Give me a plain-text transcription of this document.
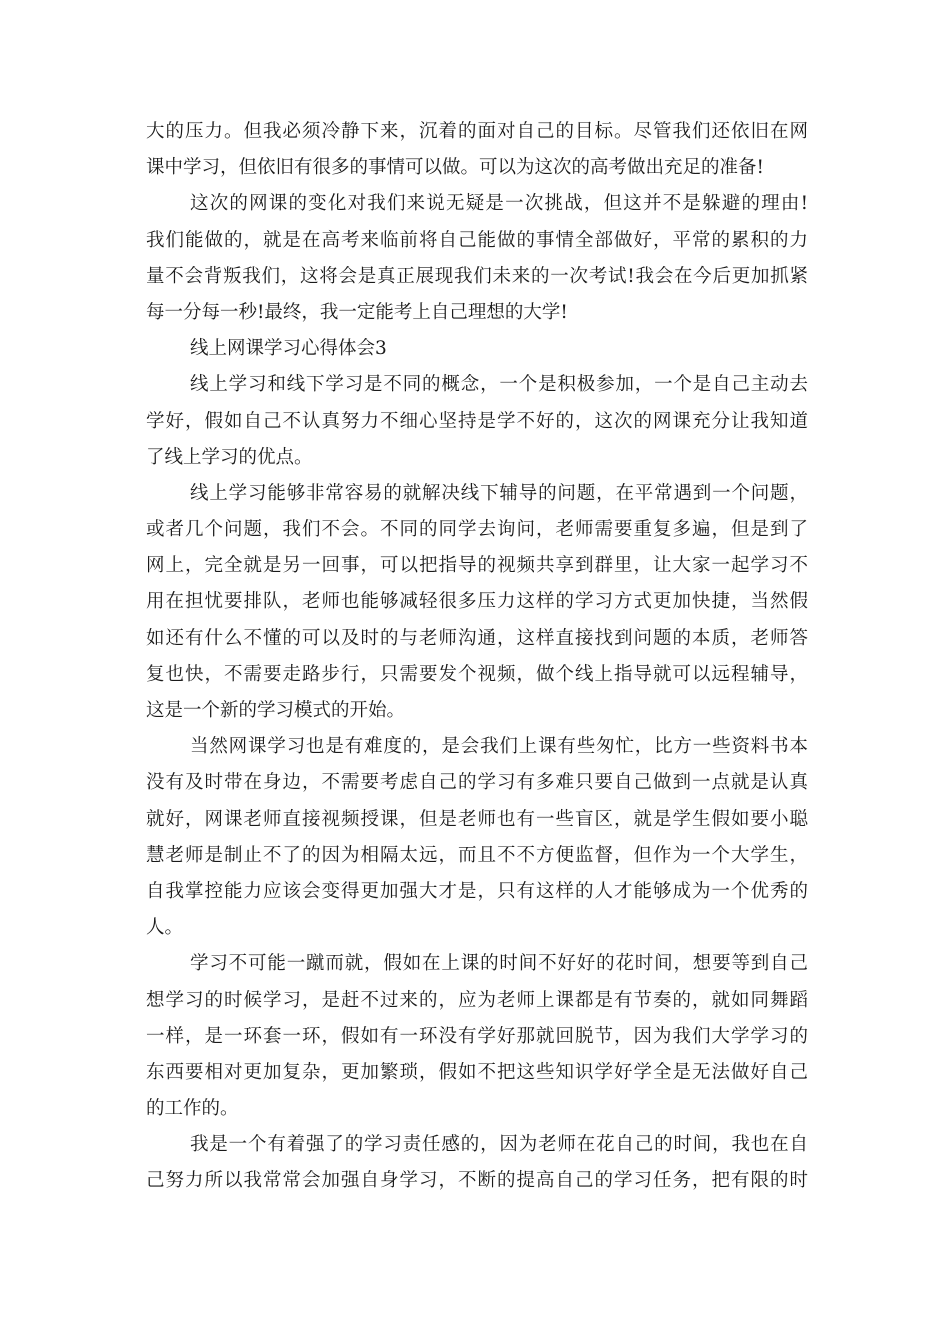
大的压力。但我必须冷静下来，沉着的面对自己的目标。尽管我们还依旧在网
课中学习，但依旧有很多的事情可以做。可以为这次的高考做出充足的准备!
这次的网课的变化对我们来说无疑是一次挑战，但这并不是躲避的理由!
我们能做的，就是在高考来临前将自己能做的事情全部做好，平常的累积的力
量不会背叛我们，这将会是真正展现我们未来的一次考试!我会在今后更加抓紧
每一分每一秒!最终，我一定能考上自己理想的大学!
线上网课学习心得体会3
线上学习和线下学习是不同的概念，一个是积极参加，一个是自己主动去
学好，假如自己不认真努力不细心坚持是学不好的，这次的网课充分让我知道
了线上学习的优点。
线上学习能够非常容易的就解决线下辅导的问题，在平常遇到一个问题，
或者几个问题，我们不会。不同的同学去询问，老师需要重复多遍，但是到了
网上，完全就是另一回事，可以把指导的视频共享到群里，让大家一起学习不
用在担忧要排队，老师也能够减轻很多压力这样的学习方式更加快捷，当然假
如还有什么不懂的可以及时的与老师沟通，这样直接找到问题的本质，老师答
复也快，不需要走路步行，只需要发个视频，做个线上指导就可以远程辅导，
这是一个新的学习模式的开始。
当然网课学习也是有难度的，是会我们上课有些匆忙，比方一些资料书本
没有及时带在身边，不需要考虑自己的学习有多难只要自己做到一点就是认真
就好，网课老师直接视频授课，但是老师也有一些盲区，就是学生假如要小聪
慧老师是制止不了的因为相隔太远，而且不不方便监督，但作为一个大学生，
自我掌控能力应该会变得更加强大才是，只有这样的人才能够成为一个优秀的
人。
学习不可能一蹴而就，假如在上课的时间不好好的花时间，想要等到自己
想学习的时候学习，是赶不过来的，应为老师上课都是有节奏的，就如同舞蹈
一样，是一环套一环，假如有一环没有学好那就回脱节，因为我们大学学习的
东西要相对更加复杂，更加繁琐，假如不把这些知识学好学全是无法做好自己
的工作的。
我是一个有着强了的学习责任感的，因为老师在花自己的时间，我也在自
己努力所以我常常会加强自身学习，不断的提高自己的学习任务，把有限的时
